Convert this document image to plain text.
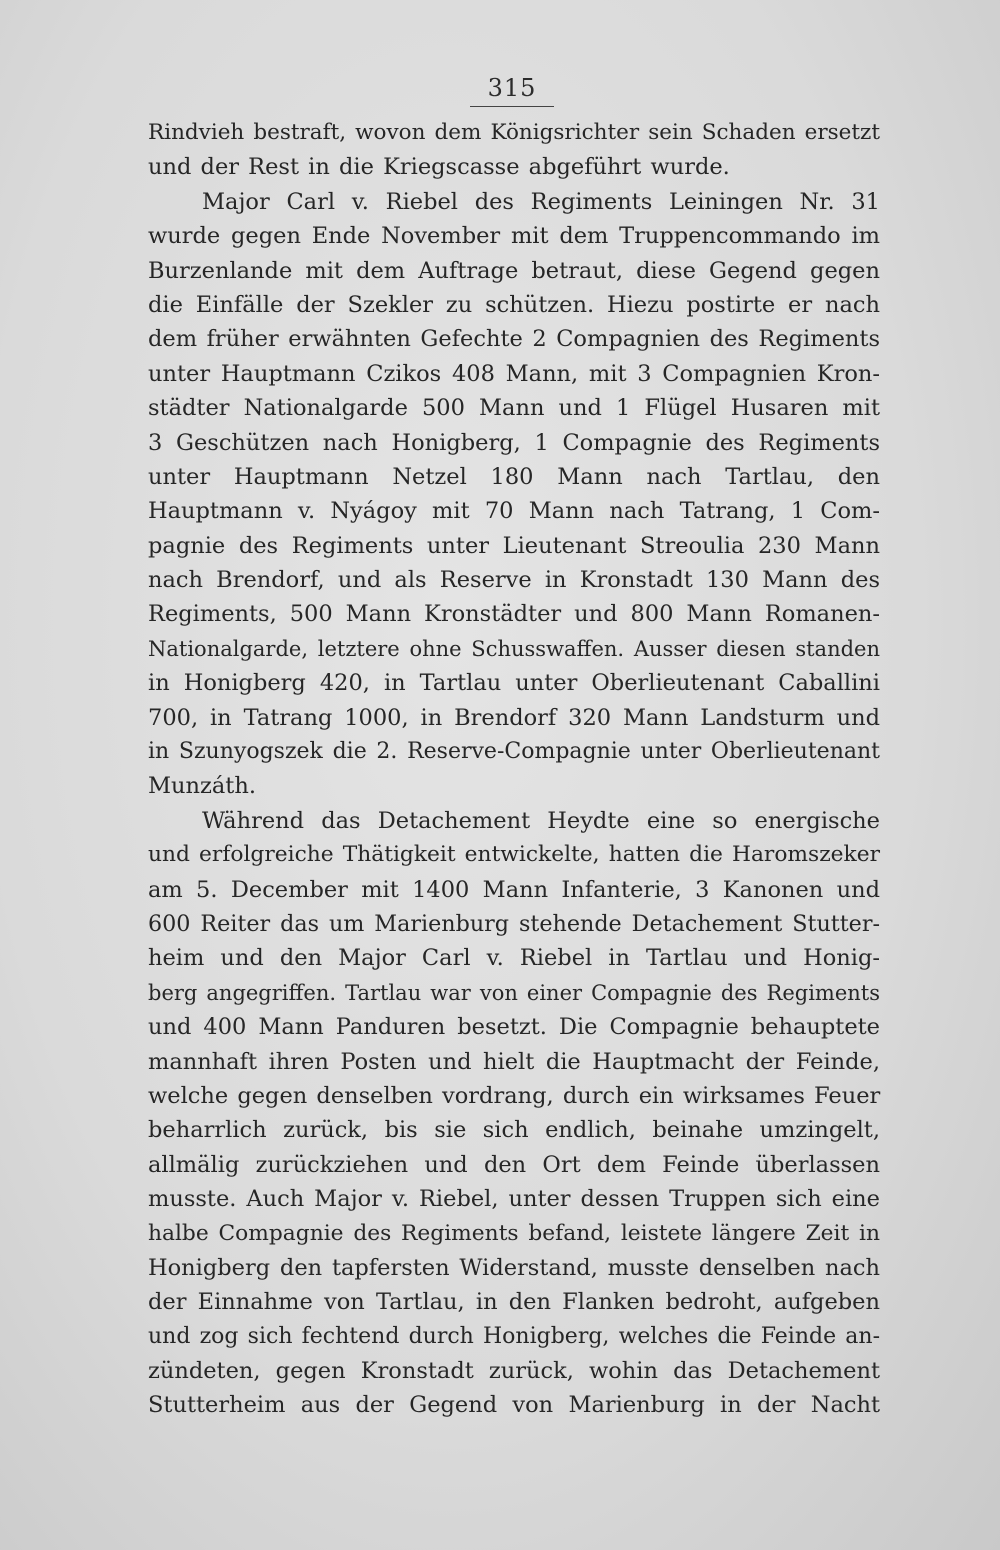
315
Rindvieh bestraft, wovon dem Königsrichter sein Schaden ersetzt
und der Rest in die Kriegscasse abgeführt wurde.
Major Carl v. Riebel des Regiments Leiningen Nr. 31
wurde gegen Ende November mit dem Truppencommando im
Burzenlande mit dem Auftrage betraut, diese Gegend gegen
die Einfälle der Szekler zu schützen. Hiezu postirte er nach
dem früher erwähnten Gefechte 2 Compagnien des Regiments
unter Hauptmann Czikos 408 Mann, mit 3 Compagnien Kron-
städter Nationalgarde 500 Mann und 1 Flügel Husaren mit
3 Geschützen nach Honigberg, 1 Compagnie des Regiments
unter Hauptmann Netzel 180 Mann nach Tartlau, den
Hauptmann v. Nyágoy mit 70 Mann nach Tatrang, 1 Com-
pagnie des Regiments unter Lieutenant Streoulia 230 Mann
nach Brendorf, und als Reserve in Kronstadt 130 Mann des
Regiments, 500 Mann Kronstädter und 800 Mann Romanen-
Nationalgarde, letztere ohne Schusswaffen. Ausser diesen standen
in Honigberg 420, in Tartlau unter Oberlieutenant Caballini
700, in Tatrang 1000, in Brendorf 320 Mann Landsturm und
in Szunyogszek die 2. Reserve-Compagnie unter Oberlieutenant
Munzáth.
Während das Detachement Heydte eine so energische
und erfolgreiche Thätigkeit entwickelte, hatten die Haromszeker
am 5. December mit 1400 Mann Infanterie, 3 Kanonen und
600 Reiter das um Marienburg stehende Detachement Stutter-
heim und den Major Carl v. Riebel in Tartlau und Honig-
berg angegriffen. Tartlau war von einer Compagnie des Regiments
und 400 Mann Panduren besetzt. Die Compagnie behauptete
mannhaft ihren Posten und hielt die Hauptmacht der Feinde,
welche gegen denselben vordrang, durch ein wirksames Feuer
beharrlich zurück, bis sie sich endlich, beinahe umzingelt,
allmälig zurückziehen und den Ort dem Feinde überlassen
musste. Auch Major v. Riebel, unter dessen Truppen sich eine
halbe Compagnie des Regiments befand, leistete längere Zeit in
Honigberg den tapfersten Widerstand, musste denselben nach
der Einnahme von Tartlau, in den Flanken bedroht, aufgeben
und zog sich fechtend durch Honigberg, welches die Feinde an-
zündeten, gegen Kronstadt zurück, wohin das Detachement
Stutterheim aus der Gegend von Marienburg in der Nacht
